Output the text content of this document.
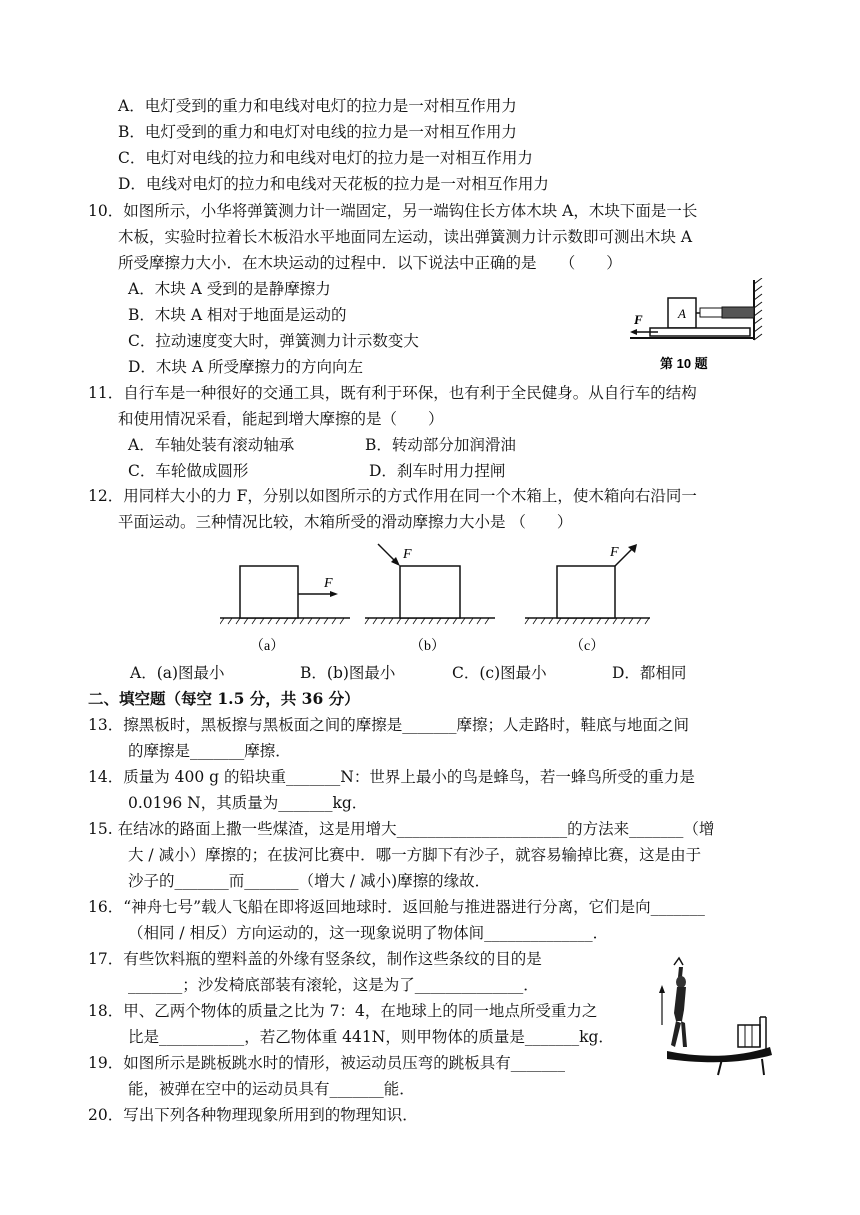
A．电灯受到的重力和电线对电灯的拉力是一对相互作用力
B．电灯受到的重力和电灯对电线的拉力是一对相互作用力
C．电灯对电线的拉力和电线对电灯的拉力是一对相互作用力
D．电线对电灯的拉力和电线对天花板的拉力是一对相互作用力
10．如图所示，小华将弹簧测力计一端固定，另一端钩住长方体木块 A，木块下面是一长
木板，实验时拉着长木板沿水平地面同左运动，读出弹簧测力计示数即可测出木块 A
所受摩擦力大小．在木块运动的过程中．以下说法中正确的是　　（　　）
A．木块 A 受到的是静摩擦力
B．木块 A 相对于地面是运动的
C．拉动速度变大时，弹簧测力计示数变大
D．木块 A 所受摩擦力的方向向左
A
F
第 10 题
11．自行车是一种很好的交通工具，既有利于环保，也有利于全民健身。从自行车的结构
和使用情况采看，能起到增大摩擦的是（　　）
A．车轴处装有滚动轴承	B．转动部分加润滑油
C．车轮做成圆形	D．刹车时用力捏闸
12．用同样大小的力 F，分别以如图所示的方式作用在同一个木箱上，使木箱向右沿同一
平面运动。三种情况比较，木箱所受的滑动摩擦力大小是 （　　）
F
（a）
F
（b）
F
（c）
A．(a)图最小	B．(b)图最小	C．(c)图最小	D．都相同
二、填空题（每空 1.5 分，共 36 分）
13．擦黑板时，黑板擦与黑板面之间的摩擦是_______摩擦；人走路时，鞋底与地面之间
的摩擦是_______摩擦．
14．质量为 400 g 的铅块重_______N：世界上最小的鸟是蜂鸟，若一蜂鸟所受的重力是
0.0196 N，其质量为_______kg．
15. 在结冰的路面上撒一些煤渣，这是用增大______________________的方法来_______（增
大 / 减小）摩擦的；在拔河比赛中．哪一方脚下有沙子，就容易输掉比赛，这是由于
沙子的_______而_______（增大 / 减小)摩擦的缘故．
16．“神舟七号”载人飞船在即将返回地球时．返回舱与推进器进行分离，它们是向_______
（相同 / 相反）方向运动的，这一现象说明了物体间______________．
17．有些饮料瓶的塑料盖的外缘有竖条纹，制作这些条纹的目的是
_______；沙发椅底部装有滚轮，这是为了______________．
18．甲、乙两个物体的质量之比为 7：4，在地球上的同一地点所受重力之
比是___________，若乙物体重 441N，则甲物体的质量是_______kg．
19．如图所示是跳板跳水时的情形，被运动员压弯的跳板具有_______
能，被弹在空中的运动员具有_______能．
20．写出下列各种物理现象所用到的物理知识．
